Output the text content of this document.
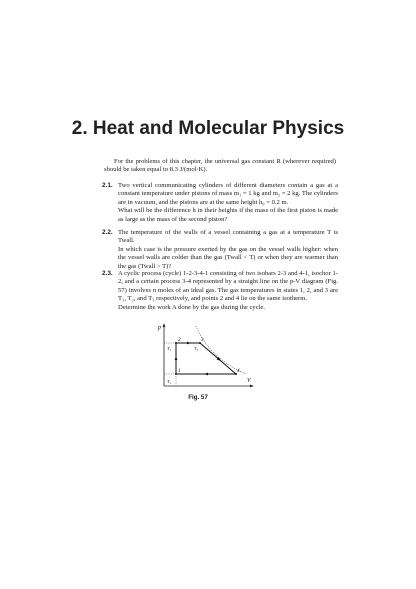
2. Heat and Molecular Physics
For the problems of this chapter, the universal gas constant R (wherever required) should be taken equal to 8.3 J/(mol·K).
2.1. Two vertical communicating cylinders of different diameters contain a gas at a constant temperature under pistons of mass m₁ = 1 kg and m₂ = 2 kg. The cylinders are in vacuum, and the pistons are at the same height h₀ = 0.2 m.

What will be the difference h in their heights if the mass of the first piston is made as large as the mass of the second piston?

2.2. The temperature of the walls of a vessel containing a gas at a temperature T is Twall.

In which case is the pressure exerted by the gas on the vessel walls higher: when the vessel walls are colder than the gas (Twall < T) or when they are warmer than the gas (Twall > T)?

2.3. A cyclic process (cycle) 1-2-3-4-1 consisting of two isobars 2-3 and 4-1, isochor 1-2, and a certain process 3-4 represented by a straight line on the p-V diagram (Fig. 57) involves n moles of an ideal gas. The gas temperatures in states 1, 2, and 3 are T₁, T₂, and T₃ respectively, and points 2 and 4 lie on the same isotherm.

Determine the work A done by the gas during the cycle.

p
V
1
2	3
4
T₂	T₃
T₁
Fig. 57
